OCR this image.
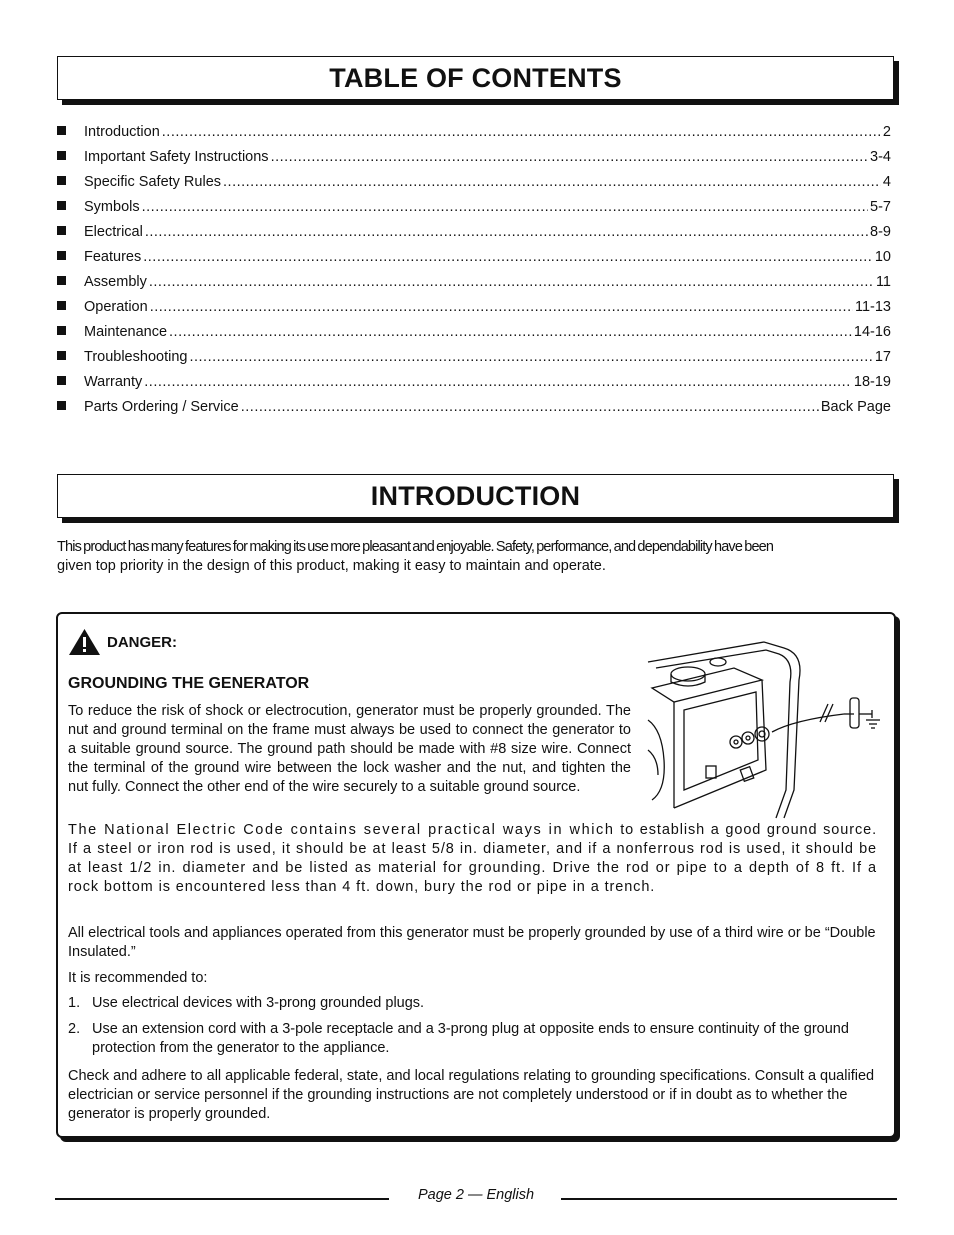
TABLE OF CONTENTS
Introduction .....	2
Important Safety Instructions .....	3-4
Specific Safety Rules .....	4
Symbols .....	5-7
Electrical .....	8-9
Features .....	10
Assembly .....	11
Operation .....	11-13
Maintenance .....	14-16
Troubleshooting .....	17
Warranty .....	18-19
Parts Ordering / Service .....	Back Page
INTRODUCTION

This product has many features for making its use more pleasant and enjoyable. Safety, performance, and dependability have been
given top priority in the design of this product, making it easy to maintain and operate.

DANGER:
GROUNDING THE GENERATOR

To reduce the risk of shock or electrocution, generator must be properly grounded. The nut and ground terminal on the frame must always be used to connect the generator to a suitable ground source. The ground path should be made with #8 size wire. Connect the terminal of the ground wire between the lock washer and the nut, and tighten the nut fully. Connect the other end of the wire securely to a suitable ground source.

The National Electric Code contains several practical ways in which to establish a good ground source. If a steel or iron rod is used, it should be at least 5/8 in. diameter, and if a nonferrous rod is used, it should be at least 1/2 in. diameter and be listed as material for grounding. Drive the rod or pipe to a depth of 8 ft. If a rock bottom is encountered less than 4 ft. down, bury the rod or pipe in a trench.

All electrical tools and appliances operated from this generator must be properly grounded by use of a third wire or be “Double Insulated.”

It is recommended to:

1. Use electrical devices with 3-prong grounded plugs.
2. Use an extension cord with a 3-pole receptacle and a 3-prong plug at opposite ends to ensure continuity of the ground protection from the generator to the appliance.

Check and adhere to all applicable federal, state, and local regulations relating to grounding specifications. Consult a qualified electrician or service personnel if the grounding instructions are not completely understood or if in doubt as to whether the generator is properly grounded.

Page 2 — English
